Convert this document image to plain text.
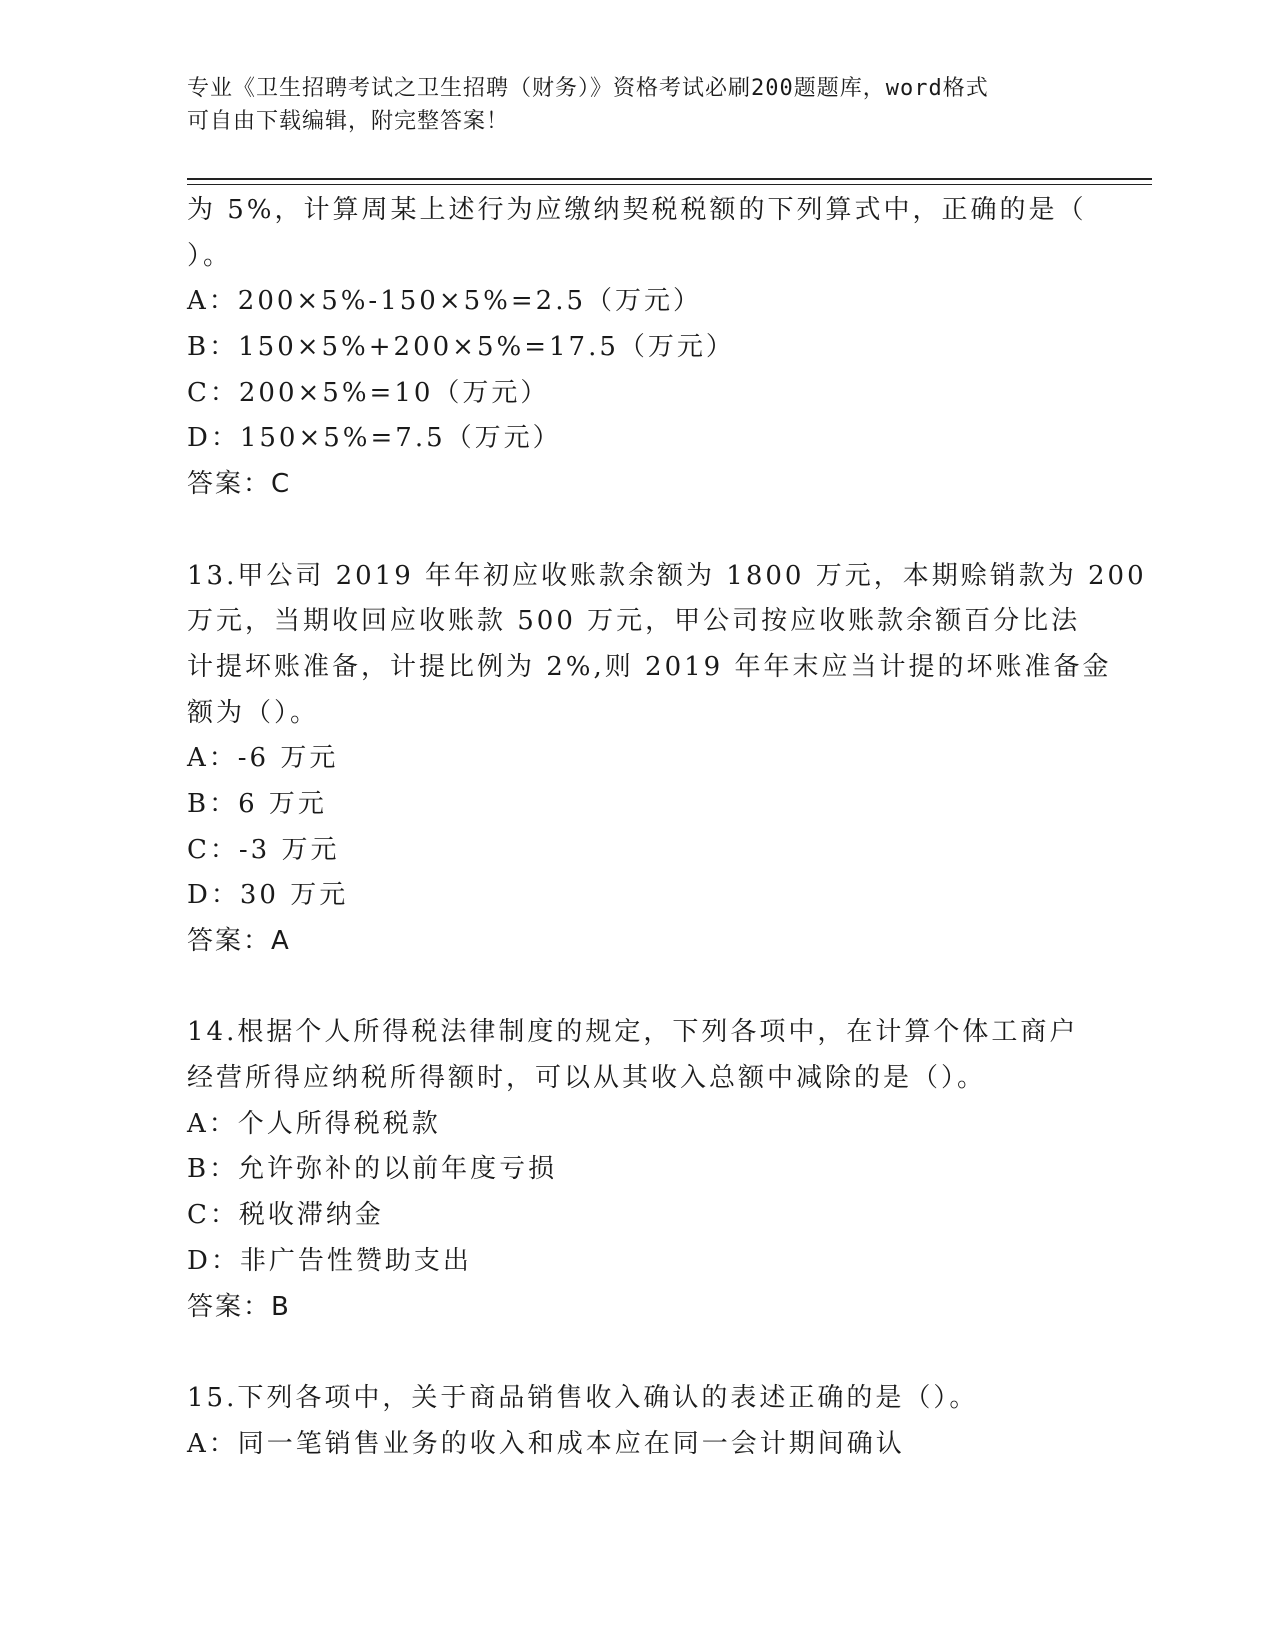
专业《卫生招聘考试之卫生招聘（财务）》资格考试必刷200题题库，word格式
可自由下载编辑，附完整答案！
为 5%，计算周某上述行为应缴纳契税税额的下列算式中，正确的是（
）。
A：200×5%-150×5%=2.5（万元）
B：150×5%+200×5%=17.5（万元）
C：200×5%=10（万元）
D：150×5%=7.5（万元）
答案：C
13.甲公司 2019 年年初应收账款余额为 1800 万元，本期赊销款为 200
万元，当期收回应收账款 500 万元，甲公司按应收账款余额百分比法
计提坏账准备，计提比例为 2%,则 2019 年年末应当计提的坏账准备金
额为（）。
A：-6 万元
B：6 万元
C：-3 万元
D：30 万元
答案：A
14.根据个人所得税法律制度的规定，下列各项中，在计算个体工商户
经营所得应纳税所得额时，可以从其收入总额中减除的是（）。
A：个人所得税税款
B：允许弥补的以前年度亏损
C：税收滞纳金
D：非广告性赞助支出
答案：B
15.下列各项中，关于商品销售收入确认的表述正确的是（）。
A：同一笔销售业务的收入和成本应在同一会计期间确认
